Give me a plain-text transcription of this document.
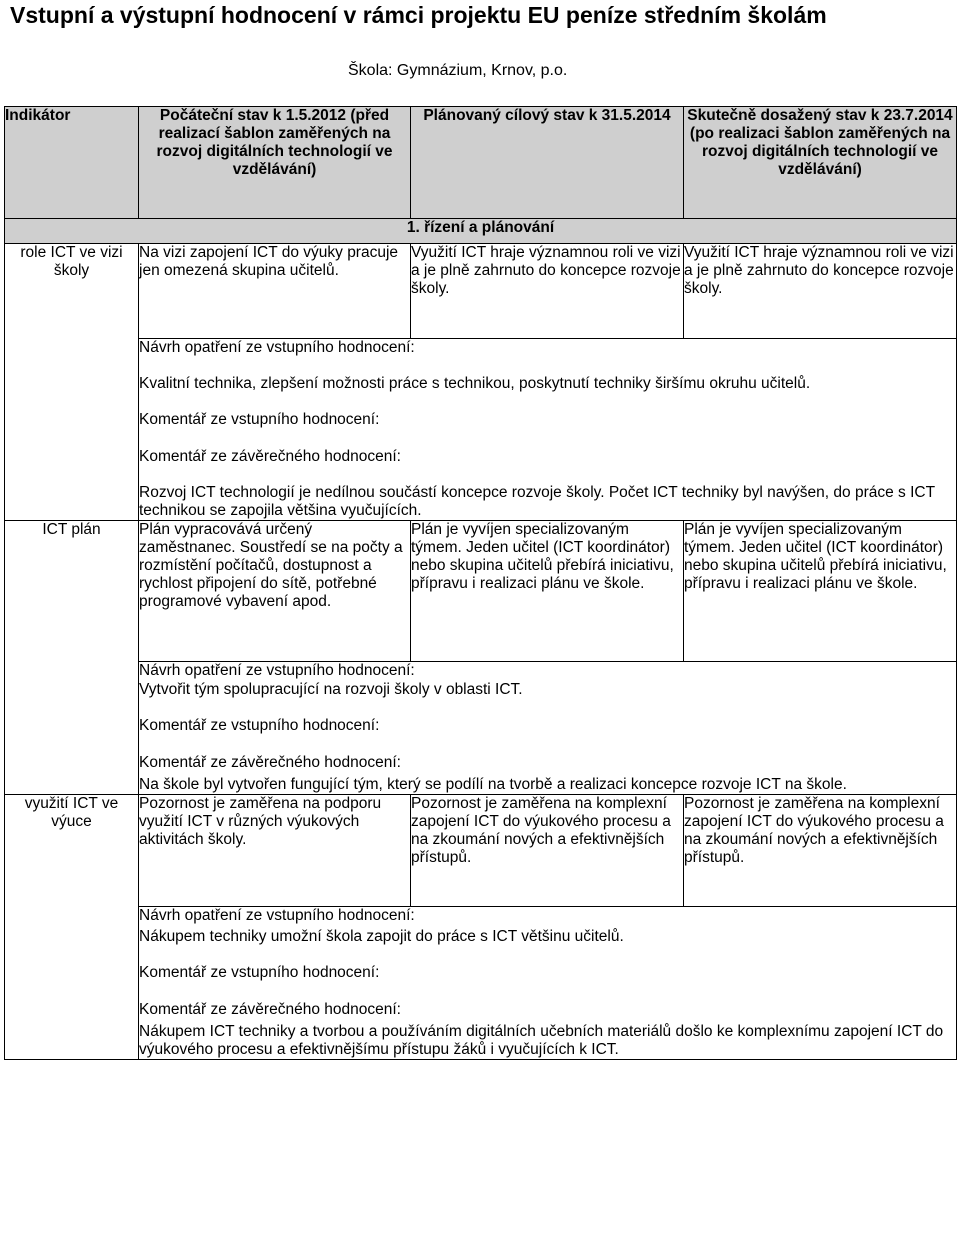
Vstupní a výstupní hodnocení v rámci projektu EU peníze středním školám
Škola: Gymnázium, Krnov, p.o.
Indikátor	Počáteční stav k 1.5.2012 (před realizací šablon zaměřených na rozvoj digitálních technologií ve vzdělávání)	Plánovaný cílový stav k 31.5.2014	Skutečně dosažený stav k 23.7.2014 (po realizaci šablon zaměřených na rozvoj digitálních technologií ve vzdělávání)
1. řízení a plánování			
role ICT ve vizi školy	Na vizi zapojení ICT do výuky pracuje jen omezená skupina učitelů.	Využití ICT hraje významnou roli ve vizi a je plně zahrnuto do koncepce rozvoje školy.	Využití ICT hraje významnou roli ve vizi a je plně zahrnuto do koncepce rozvoje školy.

	Návrh opatření ze vstupního hodnocení:
Kvalitní technika, zlepšení možnosti práce s technikou, poskytnutí techniky širšímu okruhu učitelů.
Komentář ze vstupního hodnocení:
Komentář ze závěrečného hodnocení:
Rozvoj ICT technologií je nedílnou součástí koncepce rozvoje školy. Počet ICT techniky byl navýšen, do práce s ICT technikou se zapojila většina vyučujících.		

ICT plán	Plán vypracovává určený zaměstnanec. Soustředí se na počty a rozmístění počítačů, dostupnost a rychlost připojení do sítě, potřebné programové vybavení apod.	Plán je vyvíjen specializovaným týmem. Jeden učitel (ICT koordinátor) nebo skupina učitelů přebírá iniciativu, přípravu i realizaci plánu ve škole.	Plán je vyvíjen specializovaným týmem. Jeden učitel (ICT koordinátor) nebo skupina učitelů přebírá iniciativu, přípravu i realizaci plánu ve škole.

	Návrh opatření ze vstupního hodnocení:
Vytvořit tým spolupracující na rozvoji školy v oblasti ICT.
Komentář ze vstupního hodnocení:
Komentář ze závěrečného hodnocení:
Na škole byl vytvořen fungující tým, který se podílí na tvorbě a realizaci koncepce rozvoje ICT na škole.		

využití ICT ve výuce	Pozornost je zaměřena na podporu využití ICT v různých výukových aktivitách školy.	Pozornost je zaměřena na komplexní zapojení ICT do výukového procesu a na zkoumání nových a efektivnějších přístupů.	Pozornost je zaměřena na komplexní zapojení ICT do výukového procesu a na zkoumání nových a efektivnějších přístupů.

	Návrh opatření ze vstupního hodnocení:
Nákupem techniky umožní škola zapojit do práce s ICT většinu učitelů.
Komentář ze vstupního hodnocení:
Komentář ze závěrečného hodnocení:
Nákupem ICT techniky a tvorbou a používáním digitálních učebních materiálů došlo ke komplexnímu zapojení ICT do výukového procesu a efektivnějšímu přístupu žáků i vyučujících k ICT.		
